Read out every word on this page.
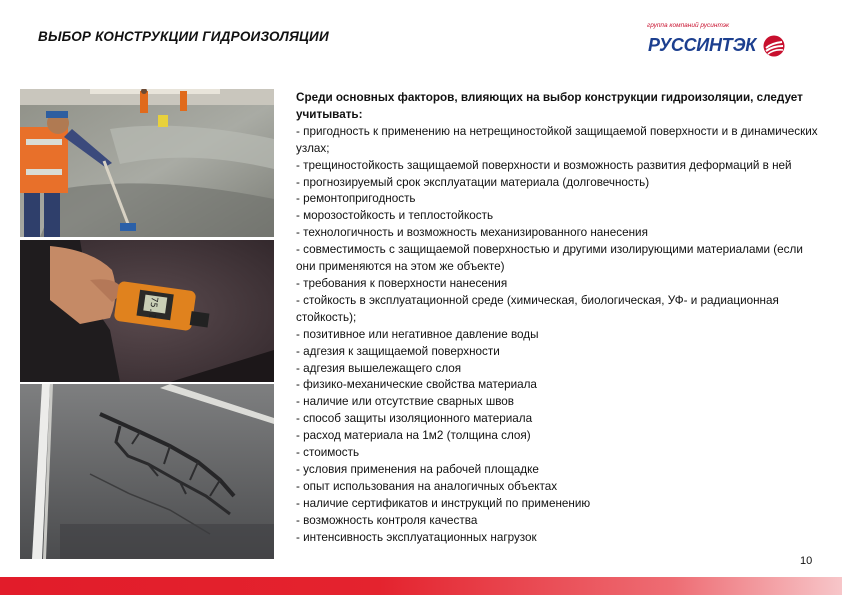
ВЫБОР КОНСТРУКЦИИ ГИДРОИЗОЛЯЦИИ
группа компаний русинтэк
РУССИНТЭК
75.1
Среди основных факторов, влияющих на выбор конструкции гидроизоляции, следует учитывать:
- пригодность к применению на нетрещиностойкой защищаемой поверхности и в динамических узлах;
- трещиностойкость защищаемой поверхности и возможность развития деформаций в ней
- прогнозируемый срок эксплуатации материала (долговечность)
- ремонтопригодность
- морозостойкость и теплостойкость
- технологичность и возможность механизированного нанесения
- совместимость с защищаемой поверхностью и другими изолирующими материалами (если они применяются на этом же объекте)
- требования к поверхности нанесения
- стойкость в эксплуатационной среде (химическая, биологическая, УФ- и радиационная стойкость);
- позитивное или негативное давление воды
- адгезия к защищаемой поверхности
- адгезия вышележащего слоя
- физико-механические свойства материала
- наличие или отсутствие сварных швов
- способ защиты изоляционного материала
- расход материала на 1м2 (толщина слоя)
- стоимость
- условия применения на рабочей площадке
- опыт использования на аналогичных объектах
- наличие сертификатов и инструкций по применению
- возможность контроля качества
- интенсивность эксплуатационных нагрузок
10
